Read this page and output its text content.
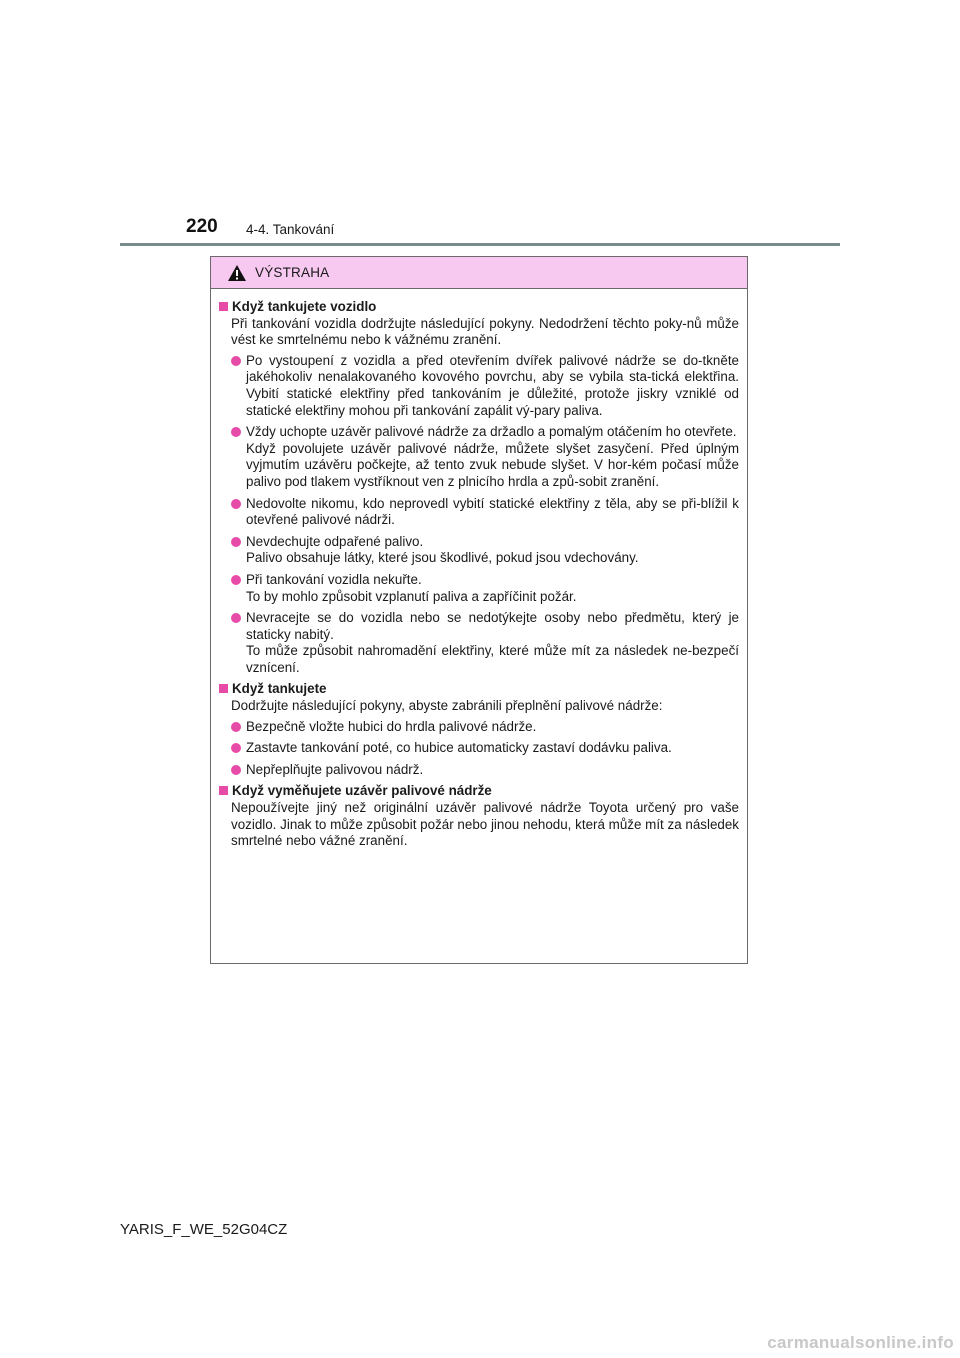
220 4-4. Tankování
VÝSTRAHA
Když tankujete vozidlo
Při tankování vozidla dodržujte následující pokyny. Nedodržení těchto poky-nů může vést ke smrtelnému nebo k vážnému zranění.

Po vystoupení z vozidla a před otevřením dvířek palivové nádrže se do-tkněte jakéhokoliv nenalakovaného kovového povrchu, aby se vybila sta-tická elektřina. Vybití statické elektřiny před tankováním je důležité, protože jiskry vzniklé od statické elektřiny mohou při tankování zapálit vý-pary paliva.

Vždy uchopte uzávěr palivové nádrže za držadlo a pomalým otáčením ho otevřete.

Když povolujete uzávěr palivové nádrže, můžete slyšet zasyčení. Před úplným vyjmutím uzávěru počkejte, až tento zvuk nebude slyšet. V hor-kém počasí může palivo pod tlakem vystříknout ven z plnicího hrdla a způ-sobit zranění.

Nedovolte nikomu, kdo neprovedl vybití statické elektřiny z těla, aby se při-blížil k otevřené palivové nádrži.

Nevdechujte odpařené palivo.

Palivo obsahuje látky, které jsou škodlivé, pokud jsou vdechovány.

Při tankování vozidla nekuřte.

To by mohlo způsobit vzplanutí paliva a zapříčinit požár.

Nevracejte se do vozidla nebo se nedotýkejte osoby nebo předmětu, který je staticky nabitý.

To může způsobit nahromadění elektřiny, které může mít za následek ne-bezpečí vznícení.

Když tankujete
Dodržujte následující pokyny, abyste zabránili přeplnění palivové nádrže:

Bezpečně vložte hubici do hrdla palivové nádrže.

Zastavte tankování poté, co hubice automaticky zastaví dodávku paliva.

Nepřeplňujte palivovou nádrž.

Když vyměňujete uzávěr palivové nádrže
Nepoužívejte jiný než originální uzávěr palivové nádrže Toyota určený pro vaše vozidlo. Jinak to může způsobit požár nebo jinou nehodu, která může mít za následek smrtelné nebo vážné zranění.
YARIS_F_WE_52G04CZ
carmanualsonline.info
